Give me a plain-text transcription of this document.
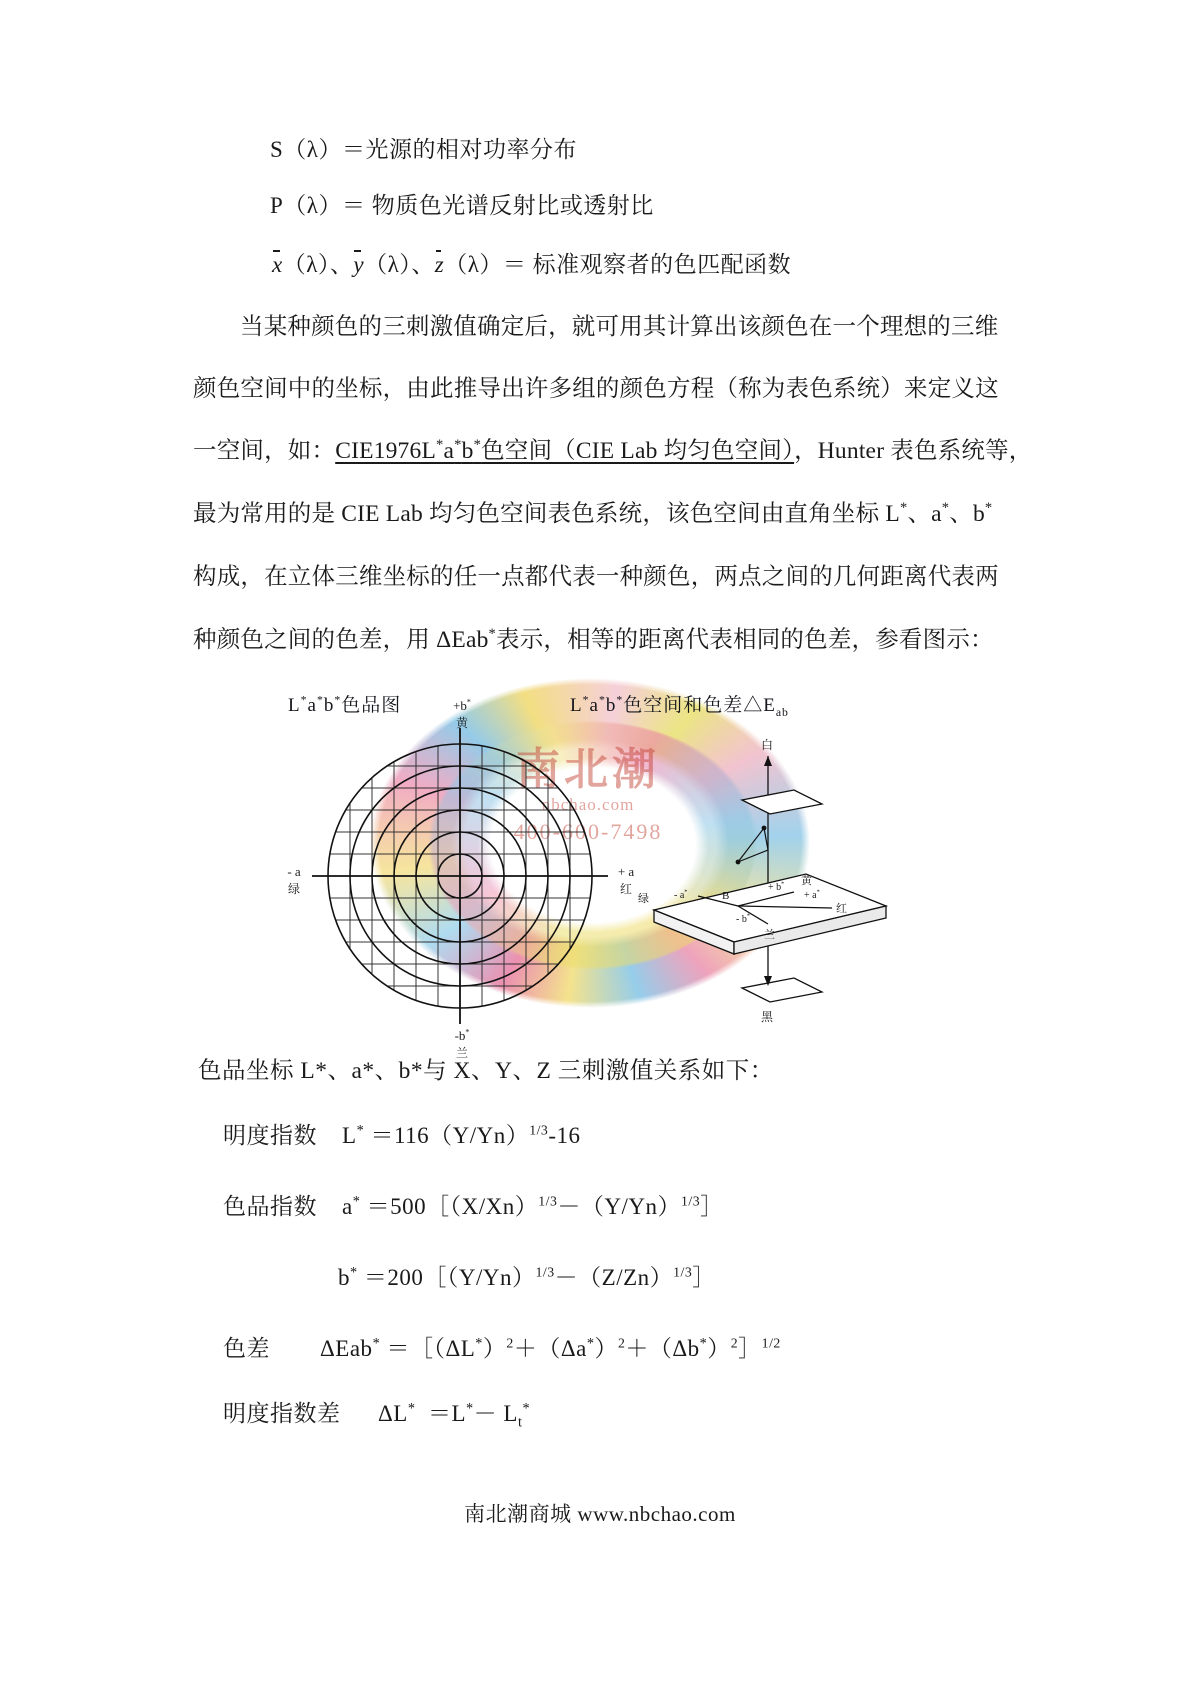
S（λ）＝光源的相对功率分布
P（λ）＝ 物质色光谱反射比或透射比
x（λ）、y（λ）、z（λ）＝ 标准观察者的色匹配函数
当某种颜色的三刺激值确定后，就可用其计算出该颜色在一个理想的三维
颜色空间中的坐标，由此推导出许多组的颜色方程（称为表色系统）来定义这
一空间，如：CIE1976L*a*b*色空间（CIE Lab 均匀色空间），Hunter 表色系统等，
最为常用的是 CIE Lab 均匀色空间表色系统，该色空间由直角坐标 L*、a*、b*
构成，在立体三维坐标的任一点都代表一种颜色，两点之间的几何距离代表两
种颜色之间的色差，用 ΔEab*表示，相等的距离代表相同的色差，参看图示：
南北潮
nbchao.com
400-600-7498
L*a*b*色品图	L*a*b*色空间和色差$\triangle E_{ab}$
+b*
黄
-b*
兰
- a
绿
+ a
红
白
黑
绿
红
黄
兰
B
- a*	+ b*
+ a*
- b*
色品坐标 L*、a*、b*与 X、Y、Z 三刺激值关系如下：
明度指数 $L^* =116(Y/Yn)^{1/3}-16$
色品指数 $a^* =500[(X/Xn)^{1/3}-(Y/Yn)^{1/3}]$
$b^* =200[(Y/Yn)^{1/3}-(Z/Zn)^{1/3}]$
色差 $\Delta Eab^* =[(\Delta L^*)^2+(\Delta a^*)^2+(\Delta b^*)^2]^{1/2}$
明度指数差 $\Delta L^* =L^*- L_t^*$
南北潮商城 www.nbchao.com
